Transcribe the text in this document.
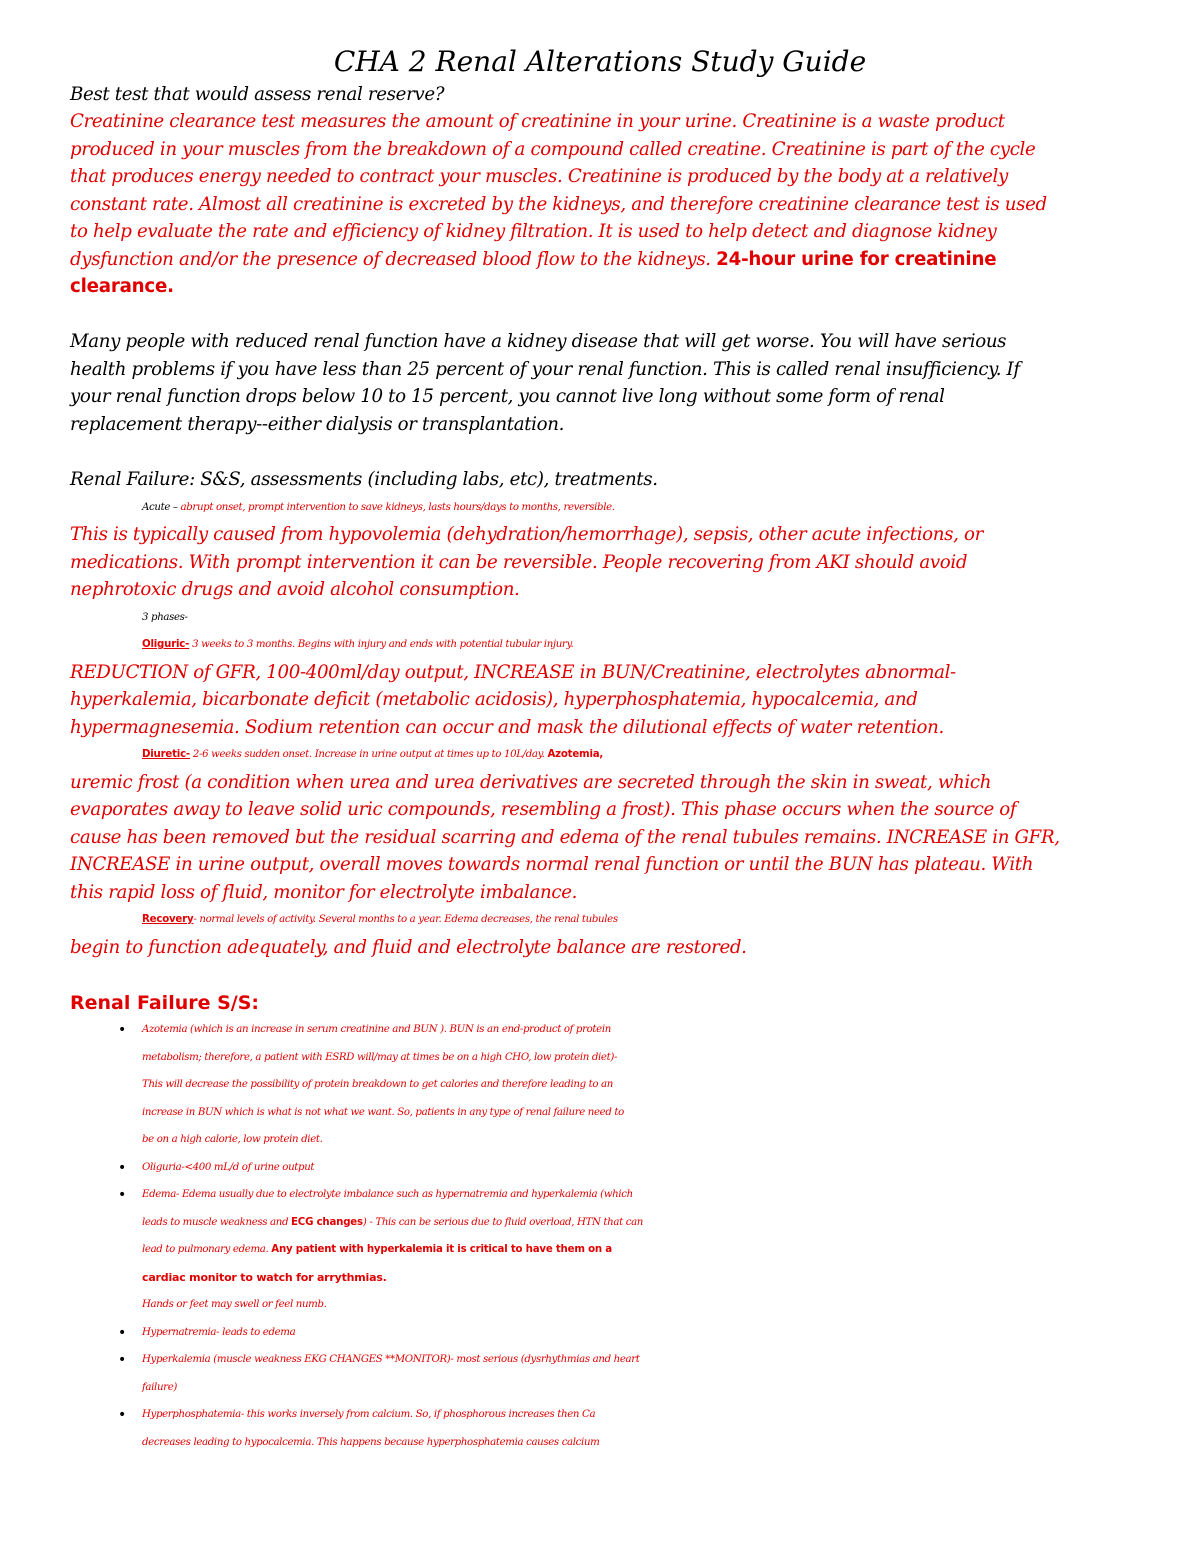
CHA 2 Renal Alterations Study Guide
Best test that would assess renal reserve?
Creatinine clearance test measures the amount of creatinine in your urine. Creatinine is a waste product
produced in your muscles from the breakdown of a compound called creatine. Creatinine is part of the cycle
that produces energy needed to contract your muscles. Creatinine is produced by the body at a relatively
constant rate. Almost all creatinine is excreted by the kidneys, and therefore creatinine clearance test is used
to help evaluate the rate and efficiency of kidney filtration. It is used to help detect and diagnose kidney
dysfunction and/or the presence of decreased blood flow to the kidneys. 24-hour urine for creatinine
clearance.
Many people with reduced renal function have a kidney disease that will get worse. You will have serious
health problems if you have less than 25 percent of your renal function. This is called renal insufficiency. If
your renal function drops below 10 to 15 percent, you cannot live long without some form of renal
replacement therapy--either dialysis or transplantation.
Renal Failure: S&S, assessments (including labs, etc), treatments.
Acute – abrupt onset, prompt intervention to save kidneys, lasts hours/days to months, reversible.
This is typically caused from hypovolemia (dehydration/hemorrhage), sepsis, other acute infections, or
medications. With prompt intervention it can be reversible. People recovering from AKI should avoid
nephrotoxic drugs and avoid alcohol consumption.
3 phases-
Oliguric- 3 weeks to 3 months. Begins with injury and ends with potential tubular injury.
REDUCTION of GFR, 100-400ml/day output, INCREASE in BUN/Creatinine, electrolytes abnormal-
hyperkalemia, bicarbonate deficit (metabolic acidosis), hyperphosphatemia, hypocalcemia, and
hypermagnesemia. Sodium retention can occur and mask the dilutional effects of water retention.
Diuretic- 2-6 weeks sudden onset. Increase in urine output at times up to 10L/day. Azotemia,
uremic frost (a condition when urea and urea derivatives are secreted through the skin in sweat, which
evaporates away to leave solid uric compounds, resembling a frost). This phase occurs when the source of
cause has been removed but the residual scarring and edema of the renal tubules remains. INCREASE in GFR,
INCREASE in urine output, overall moves towards normal renal function or until the BUN has plateau. With
this rapid loss of fluid, monitor for electrolyte imbalance.
Recovery- normal levels of activity. Several months to a year. Edema decreases, the renal tubules
begin to function adequately, and fluid and electrolyte balance are restored.
Renal Failure S/S:
• Azotemia (which is an increase in serum creatinine and BUN ). BUN is an end-product of protein
metabolism; therefore, a patient with ESRD will/may at times be on a high CHO, low protein diet)-
This will decrease the possibility of protein breakdown to get calories and therefore leading to an
increase in BUN which is what is not what we want. So, patients in any type of renal failure need to
be on a high calorie, low protein diet.
• Oliguria-<400 mL/d of urine output
• Edema- Edema usually due to electrolyte imbalance such as hypernatremia and hyperkalemia (which
leads to muscle weakness and ECG changes) - This can be serious due to fluid overload, HTN that can
lead to pulmonary edema. Any patient with hyperkalemia it is critical to have them on a
cardiac monitor to watch for arrythmias.
Hands or feet may swell or feel numb.
• Hypernatremia- leads to edema
• Hyperkalemia (muscle weakness EKG CHANGES **MONITOR)- most serious (dysrhythmias and heart
failure)
• Hyperphosphatemia- this works inversely from calcium. So, if phosphorous increases then Ca
decreases leading to hypocalcemia. This happens because hyperphosphatemia causes calcium
